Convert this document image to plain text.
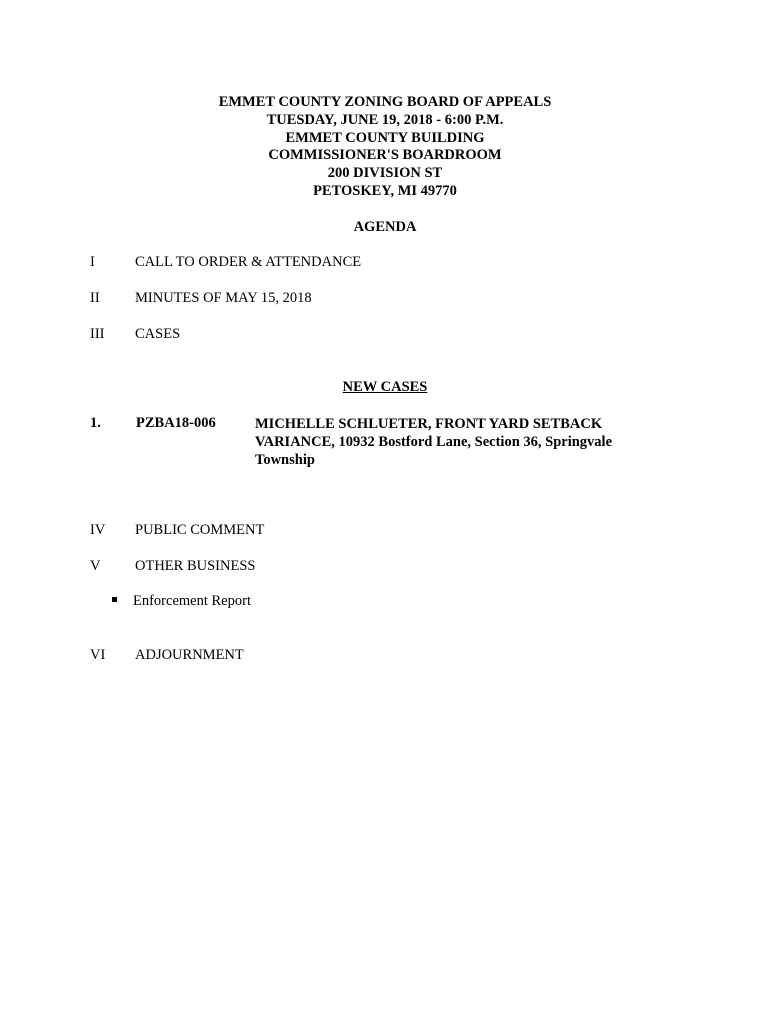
EMMET COUNTY ZONING BOARD OF APPEALS
TUESDAY, JUNE 19, 2018 - 6:00 P.M.
EMMET COUNTY BUILDING
COMMISSIONER'S BOARDROOM
200 DIVISION ST
PETOSKEY, MI 49770
AGENDA
I	CALL TO ORDER & ATTENDANCE
II MINUTES OF MAY 15, 2018
III CASES
NEW CASES
1. PZBA18-006	MICHELLE SCHLUETER, FRONT YARD SETBACK VARIANCE, 10932 Bostford Lane, Section 36, Springvale Township
IV PUBLIC COMMENT
V OTHER BUSINESS
Enforcement Report
VI ADJOURNMENT
